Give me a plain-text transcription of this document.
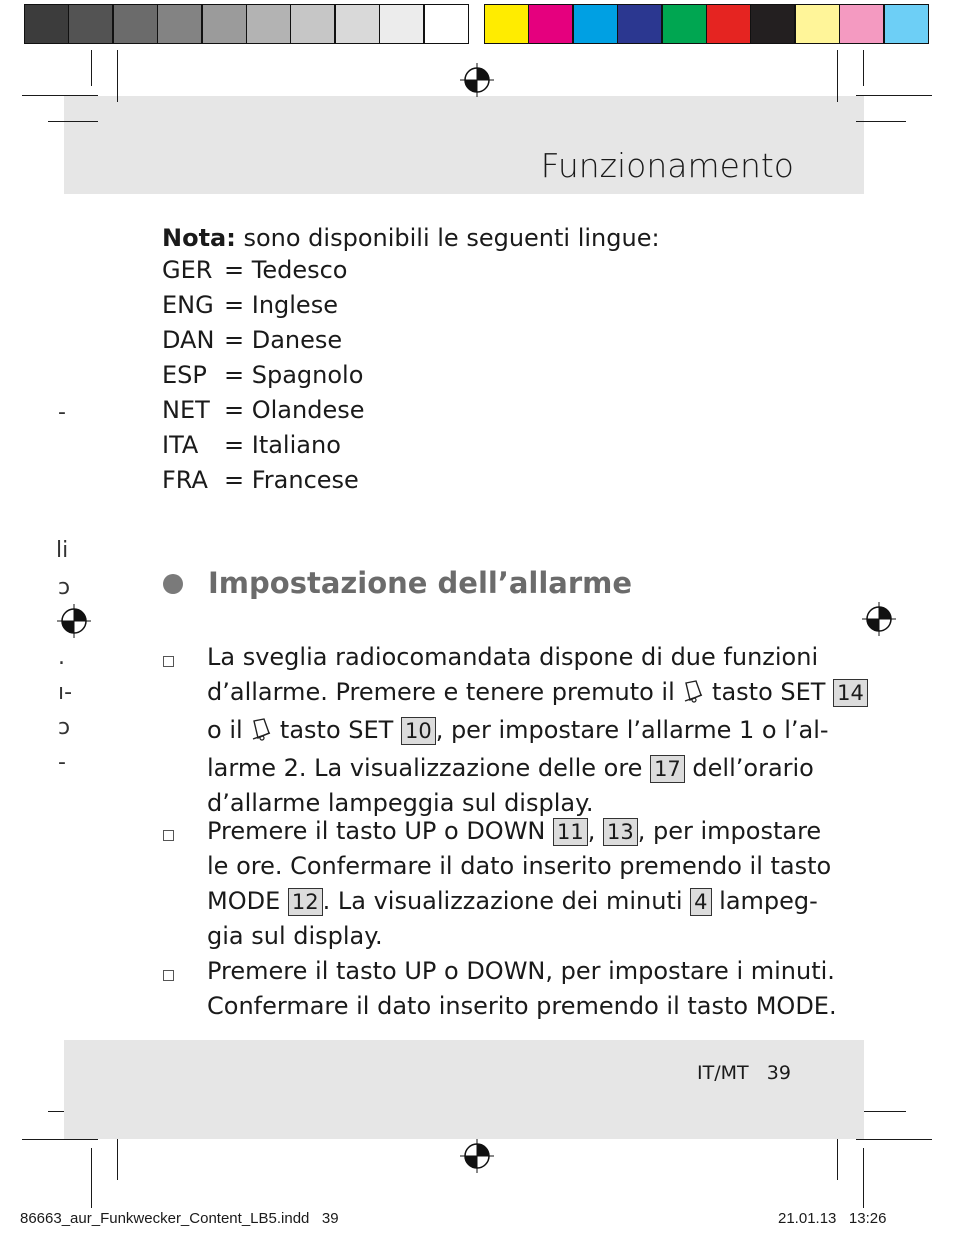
Funzionamento
-
li
ɔ
.
ı-
ɔ
-
Nota: sono disponibili le seguenti lingue:
GER = Tedesco
ENG = Inglese
DAN = Danese
ESP = Spagnolo
NET = Olandese
ITA = Italiano
FRA = Francese
Impostazione dell’allarme
La sveglia radiocomandata dispone di due funzioni
d’allarme. Premere e tenere premuto il  tasto SET 14
o il  tasto SET 10 , per impostare l’allarme 1 o l’al-
larme 2. La visualizzazione delle ore 17 dell’orario
d’allarme lampeggia sul display.
Premere il tasto UP o DOWN 11 , 13 , per impostare
le ore. Confermare il dato inserito premendo il tasto
MODE 12 . La visualizzazione dei minuti 4 lampeg-
gia sul display.
Premere il tasto UP o DOWN, per impostare i minuti.
Confermare il dato inserito premendo il tasto MODE.
IT/MT 39
86663_aur_Funkwecker_Content_LB5.indd   39	21.01.13   13:26
